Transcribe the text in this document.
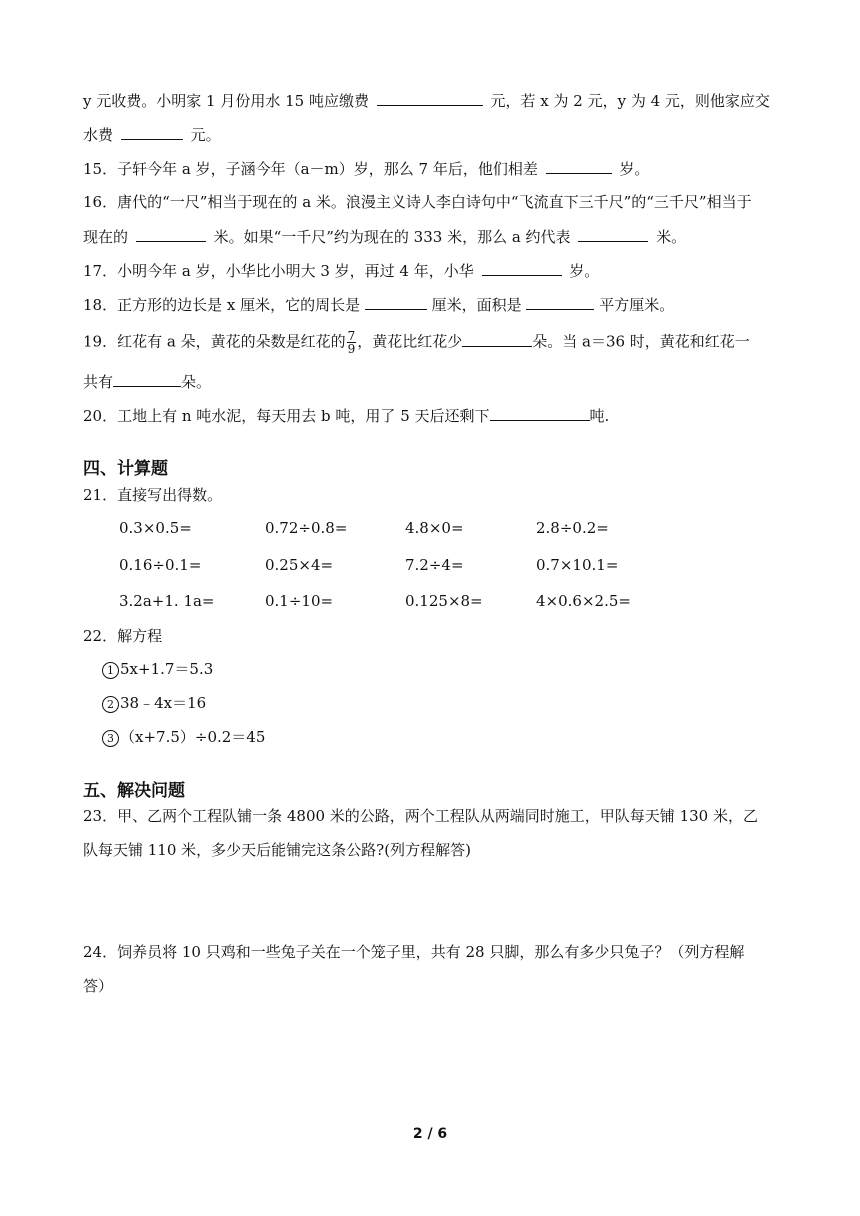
y 元收费。小明家 1 月份用水 15 吨应缴费	元，若 x 为 2 元，y 为 4 元，则他家应交
水费	元。
15．子轩今年 a 岁，子涵今年（a－m）岁，那么 7 年后，他们相差	岁。
16．唐代的“一尺”相当于现在的 a 米。浪漫主义诗人李白诗句中“飞流直下三千尺”的“三千尺”相当于
现在的	米。如果“一千尺”约为现在的 333 米，那么 a 约代表	米。
17．小明今年 a 岁，小华比小明大 3 岁，再过 4 年，小华	岁。
18．正方形的边长是 x 厘米，它的周长是	厘米，面积是	平方厘米。
19．红花有 a 朵，黄花的朵数是红花的 $\frac{7}{9}$ ，黄花比红花少	朵。当 a＝36 时，黄花和红花一
共有	朵。
20．工地上有 n 吨水泥，每天用去 b 吨，用了 5 天后还剩下	吨.
四、计算题
21．直接写出得数。
0.3×0.5=	0.72÷0.8=	4.8×0=	2.8÷0.2=
0.16÷0.1=	0.25×4=	7.2÷4=	0.7×10.1=
3.2a+1. 1a=	0.1÷10=	0.125×8=	4×0.6×2.5=
22．解方程
1 5x+1.7＝5.3
2 38﹣4x＝16
3 （x+7.5）÷0.2＝45
五、解决问题
23．甲、乙两个工程队铺一条 4800 米的公路，两个工程队从两端同时施工，甲队每天铺 130 米，乙
队每天铺 110 米，多少天后能铺完这条公路?(列方程解答)
24．饲养员将 10 只鸡和一些兔子关在一个笼子里，共有 28 只脚，那么有多少只兔子？（列方程解
答）
2 / 6
